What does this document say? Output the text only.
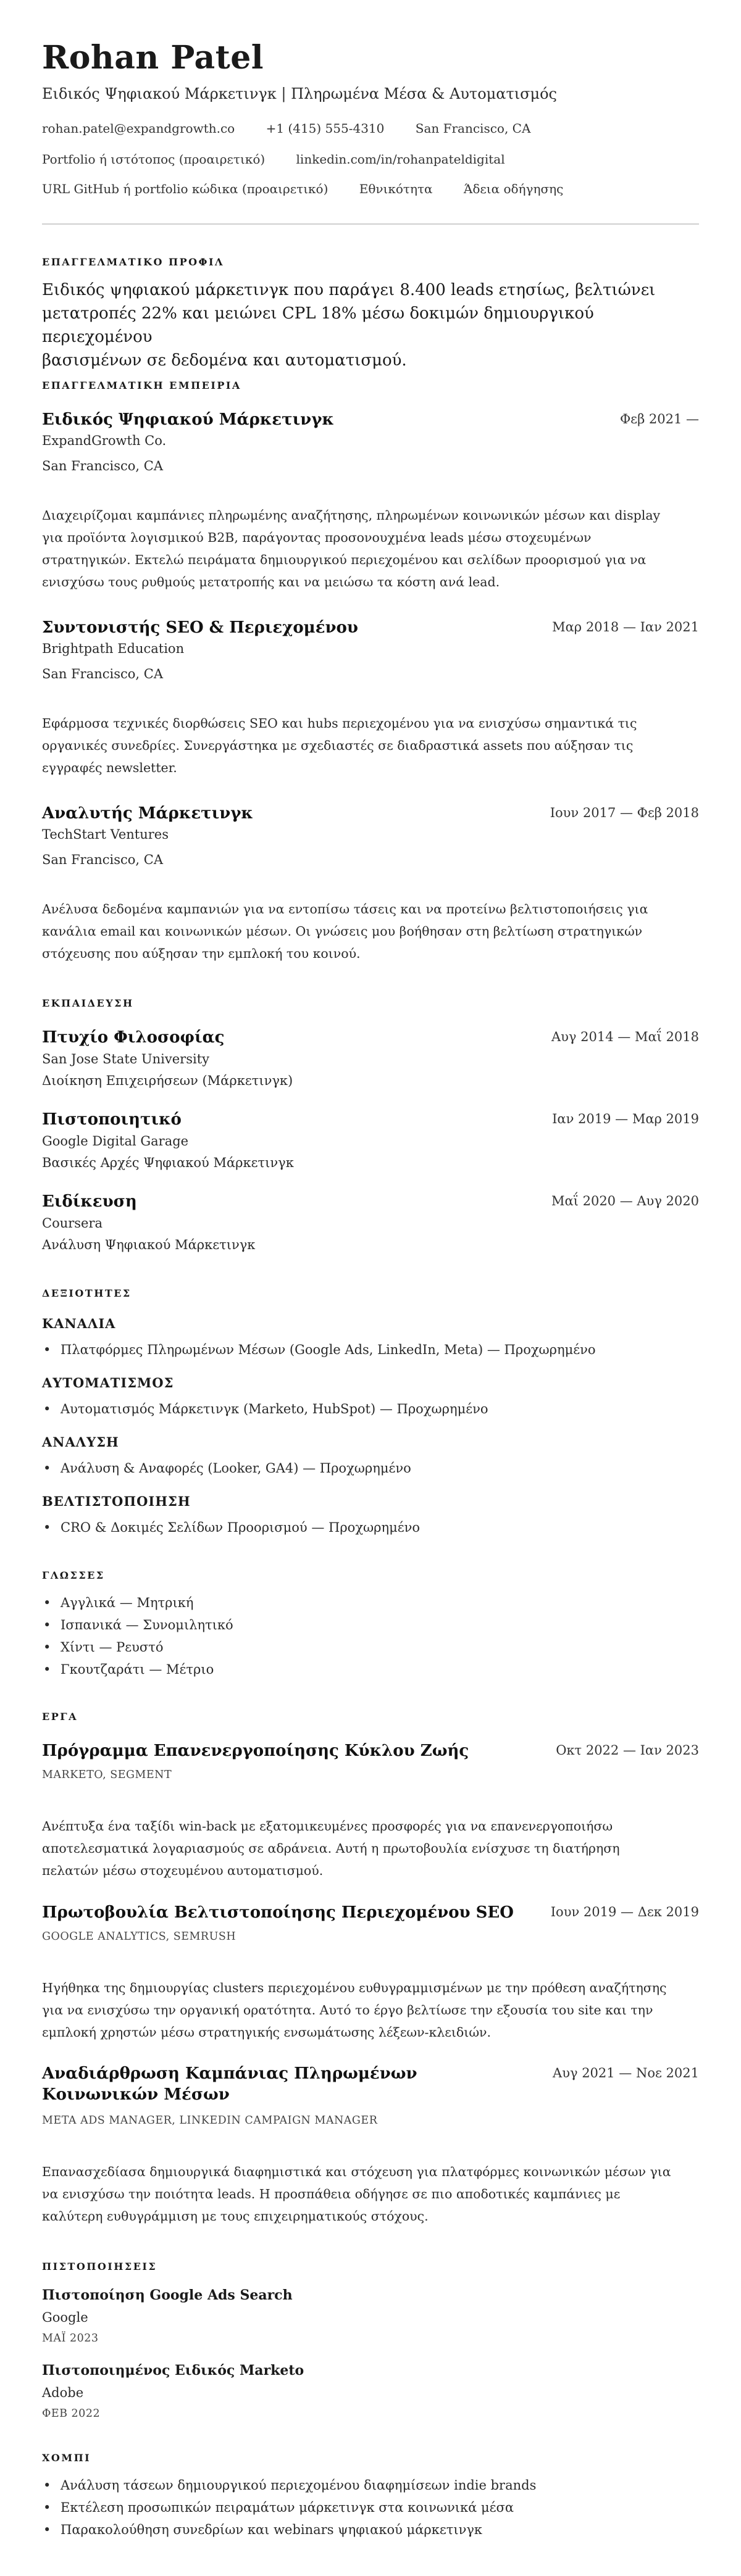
Rohan Patel
Ειδικός Ψηφιακού Μάρκετινγκ | Πληρωμένα Μέσα & Αυτοματισμός
rohan.patel@expandgrowth.co	+1 (415) 555-4310	San Francisco, CA
Portfolio ή ιστότοπος (προαιρετικό)	linkedin.com/in/rohanpateldigital
URL GitHub ή portfolio κώδικα (προαιρετικό)	Εθνικότητα	Άδεια οδήγησης
ΕΠΑΓΓΕΛΜΑΤΙΚΟ ΠΡΟΦΙΛ
Ειδικός ψηφιακού μάρκετινγκ που παράγει 8.400 leads ετησίως, βελτιώνει
μετατροπές 22% και μειώνει CPL 18% μέσω δοκιμών δημιουργικού περιεχομένου
βασισμένων σε δεδομένα και αυτοματισμού.
ΕΠΑΓΓΕΛΜΑΤΙΚΗ ΕΜΠΕΙΡΙΑ
Ειδικός Ψηφιακού Μάρκετινγκ	Φεβ 2021 —
ExpandGrowth Co.
San Francisco, CA
Διαχειρίζομαι καμπάνιες πληρωμένης αναζήτησης, πληρωμένων κοινωνικών μέσων και display
για προϊόντα λογισμικού B2B, παράγοντας προσονουχμένα leads μέσω στοχευμένων
στρατηγικών. Εκτελώ πειράματα δημιουργικού περιεχομένου και σελίδων προορισμού για να
ενισχύσω τους ρυθμούς μετατροπής και να μειώσω τα κόστη ανά lead.
Συντονιστής SEO & Περιεχομένου	Μαρ 2018 — Ιαν 2021
Brightpath Education
San Francisco, CA
Εφάρμοσα τεχνικές διορθώσεις SEO και hubs περιεχομένου για να ενισχύσω σημαντικά τις
οργανικές συνεδρίες. Συνεργάστηκα με σχεδιαστές σε διαδραστικά assets που αύξησαν τις
εγγραφές newsletter.
Αναλυτής Μάρκετινγκ	Ιουν 2017 — Φεβ 2018
TechStart Ventures
San Francisco, CA
Ανέλυσα δεδομένα καμπανιών για να εντοπίσω τάσεις και να προτείνω βελτιστοποιήσεις για
κανάλια email και κοινωνικών μέσων. Οι γνώσεις μου βοήθησαν στη βελτίωση στρατηγικών
στόχευσης που αύξησαν την εμπλοκή του κοινού.
ΕΚΠΑΙΔΕΥΣΗ
Πτυχίο Φιλοσοφίας	Αυγ 2014 — Μαΐ 2018
San Jose State University
Διοίκηση Επιχειρήσεων (Μάρκετινγκ)
Πιστοποιητικό	Ιαν 2019 — Μαρ 2019
Google Digital Garage
Βασικές Αρχές Ψηφιακού Μάρκετινγκ
Ειδίκευση	Μαΐ 2020 — Αυγ 2020
Coursera
Ανάλυση Ψηφιακού Μάρκετινγκ
ΔΕΞΙΟΤΗΤΕΣ
ΚΑΝΑΛΙΑ
• Πλατφόρμες Πληρωμένων Μέσων (Google Ads, LinkedIn, Meta) — Προχωρημένο
ΑΥΤΟΜΑΤΙΣΜΟΣ
• Αυτοματισμός Μάρκετινγκ (Marketo, HubSpot) — Προχωρημένο
ΑΝΑΛΥΣΗ
• Ανάλυση & Αναφορές (Looker, GA4) — Προχωρημένο
ΒΕΛΤΙΣΤΟΠΟΙΗΣΗ
• CRO & Δοκιμές Σελίδων Προορισμού — Προχωρημένο
ΓΛΩΣΣΕΣ
• Αγγλικά — Μητρική
• Ισπανικά — Συνομιλητικό
• Χίντι — Ρευστό
• Γκουτζαράτι — Μέτριο
ΕΡΓΑ
Πρόγραμμα Επανενεργοποίησης Κύκλου Ζωής	Οκτ 2022 — Ιαν 2023
MARKETO, SEGMENT
Ανέπτυξα ένα ταξίδι win-back με εξατομικευμένες προσφορές για να επανενεργοποιήσω
αποτελεσματικά λογαριασμούς σε αδράνεια. Αυτή η πρωτοβουλία ενίσχυσε τη διατήρηση
πελατών μέσω στοχευμένου αυτοματισμού.
Πρωτοβουλία Βελτιστοποίησης Περιεχομένου SEO	Ιουν 2019 — Δεκ 2019
GOOGLE ANALYTICS, SEMRUSH
Ηγήθηκα της δημιουργίας clusters περιεχομένου ευθυγραμμισμένων με την πρόθεση αναζήτησης
για να ενισχύσω την οργανική ορατότητα. Αυτό το έργο βελτίωσε την εξουσία του site και την
εμπλοκή χρηστών μέσω στρατηγικής ενσωμάτωσης λέξεων-κλειδιών.
Αναδιάρθρωση Καμπάνιας Πληρωμένων Κοινωνικών Μέσων
Αυγ 2021 — Νοε 2021
META ADS MANAGER, LINKEDIN CAMPAIGN MANAGER
Επανασχεδίασα δημιουργικά διαφημιστικά και στόχευση για πλατφόρμες κοινωνικών μέσων για
να ενισχύσω την ποιότητα leads. Η προσπάθεια οδήγησε σε πιο αποδοτικές καμπάνιες με
καλύτερη ευθυγράμμιση με τους επιχειρηματικούς στόχους.
ΠΙΣΤΟΠΟΙΗΣΕΙΣ
Πιστοποίηση Google Ads Search
Google
ΜΑΪ 2023
Πιστοποιημένος Ειδικός Marketo
Adobe
ΦΕΒ 2022
ΧΟΜΠΙ
• Ανάλυση τάσεων δημιουργικού περιεχομένου διαφημίσεων indie brands
• Εκτέλεση προσωπικών πειραμάτων μάρκετινγκ στα κοινωνικά μέσα
• Παρακολούθηση συνεδρίων και webinars ψηφιακού μάρκετινγκ
